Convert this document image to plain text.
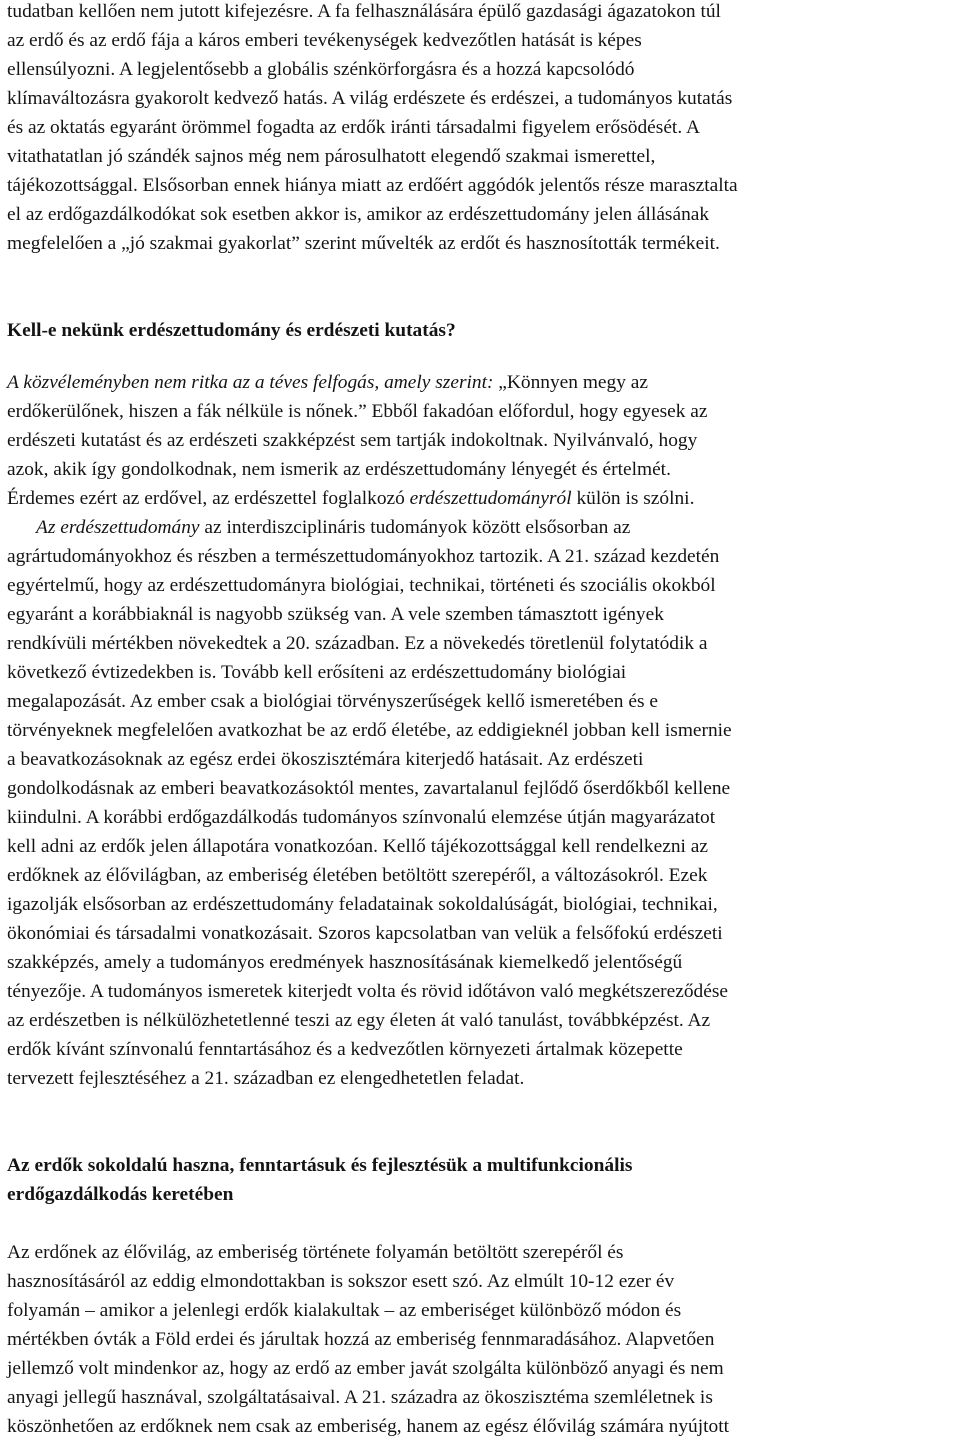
tudatban kellően nem jutott kifejezésre. A fa felhasználására épülő gazdasági ágazatokon túl
az erdő és az erdő fája a káros emberi tevékenységek kedvezőtlen hatását is képes
ellensúlyozni. A legjelentősebb a globális szénkörforgásra és a hozzá kapcsolódó
klímaváltozásra gyakorolt kedvező hatás. A világ erdészete és erdészei, a tudományos kutatás
és az oktatás egyaránt örömmel fogadta az erdők iránti társadalmi figyelem erősödését. A
vitathatatlan jó szándék sajnos még nem párosulhatott elegendő szakmai ismerettel,
tájékozottsággal. Elsősorban ennek hiánya miatt az erdőért aggódók jelentős része marasztalta
el az erdőgazdálkodókat sok esetben akkor is, amikor az erdészettudomány jelen állásának
megfelelően a „jó szakmai gyakorlat” szerint művelték az erdőt és hasznosították termékeit.
Kell-e nekünk erdészettudomány és erdészeti kutatás?
A közvéleményben nem ritka az a téves felfogás, amely szerint: „Könnyen megy az
erdőkerülőnek, hiszen a fák nélküle is nőnek.” Ebből fakadóan előfordul, hogy egyesek az
erdészeti kutatást és az erdészeti szakképzést sem tartják indokoltnak. Nyilvánvaló, hogy
azok, akik így gondolkodnak, nem ismerik az erdészettudomány lényegét és értelmét.
Érdemes ezért az erdővel, az erdészettel foglalkozó erdészettudományról külön is szólni.
Az erdészettudomány az interdiszciplináris tudományok között elsősorban az
agrártudományokhoz és részben a természettudományokhoz tartozik. A 21. század kezdetén
egyértelmű, hogy az erdészettudományra biológiai, technikai, történeti és szociális okokból
egyaránt a korábbiaknál is nagyobb szükség van. A vele szemben támasztott igények
rendkívüli mértékben növekedtek a 20. században. Ez a növekedés töretlenül folytatódik a
következő évtizedekben is. Tovább kell erősíteni az erdészettudomány biológiai
megalapozását. Az ember csak a biológiai törvényszerűségek kellő ismeretében és e
törvényeknek megfelelően avatkozhat be az erdő életébe, az eddigieknél jobban kell ismernie
a beavatkozásoknak az egész erdei ökoszisztémára kiterjedő hatásait. Az erdészeti
gondolkodásnak az emberi beavatkozásoktól mentes, zavartalanul fejlődő őserdőkből kellene
kiindulni. A korábbi erdőgazdálkodás tudományos színvonalú elemzése útján magyarázatot
kell adni az erdők jelen állapotára vonatkozóan. Kellő tájékozottsággal kell rendelkezni az
erdőknek az élővilágban, az emberiség életében betöltött szerepéről, a változásokról. Ezek
igazolják elsősorban az erdészettudomány feladatainak sokoldalúságát, biológiai, technikai,
ökonómiai és társadalmi vonatkozásait. Szoros kapcsolatban van velük a felsőfokú erdészeti
szakképzés, amely a tudományos eredmények hasznosításának kiemelkedő jelentőségű
tényezője. A tudományos ismeretek kiterjedt volta és rövid időtávon való megkétszereződése
az erdészetben is nélkülözhetetlenné teszi az egy életen át való tanulást, továbbképzést. Az
erdők kívánt színvonalú fenntartásához és a kedvezőtlen környezeti ártalmak közepette
tervezett fejlesztéséhez a 21. században ez elengedhetetlen feladat.
Az erdők sokoldalú haszna, fenntartásuk és fejlesztésük a multifunkcionális
erdőgazdálkodás keretében
Az erdőnek az élővilág, az emberiség története folyamán betöltött szerepéről és
hasznosításáról az eddig elmondottakban is sokszor esett szó. Az elmúlt 10-12 ezer év
folyamán – amikor a jelenlegi erdők kialakultak – az emberiséget különböző módon és
mértékben óvták a Föld erdei és járultak hozzá az emberiség fennmaradásához. Alapvetően
jellemző volt mindenkor az, hogy az erdő az ember javát szolgálta különböző anyagi és nem
anyagi jellegű hasznával, szolgáltatásaival. A 21. századra az ökoszisztéma szemléletnek is
köszönhetően az erdőknek nem csak az emberiség, hanem az egész élővilág számára nyújtott
